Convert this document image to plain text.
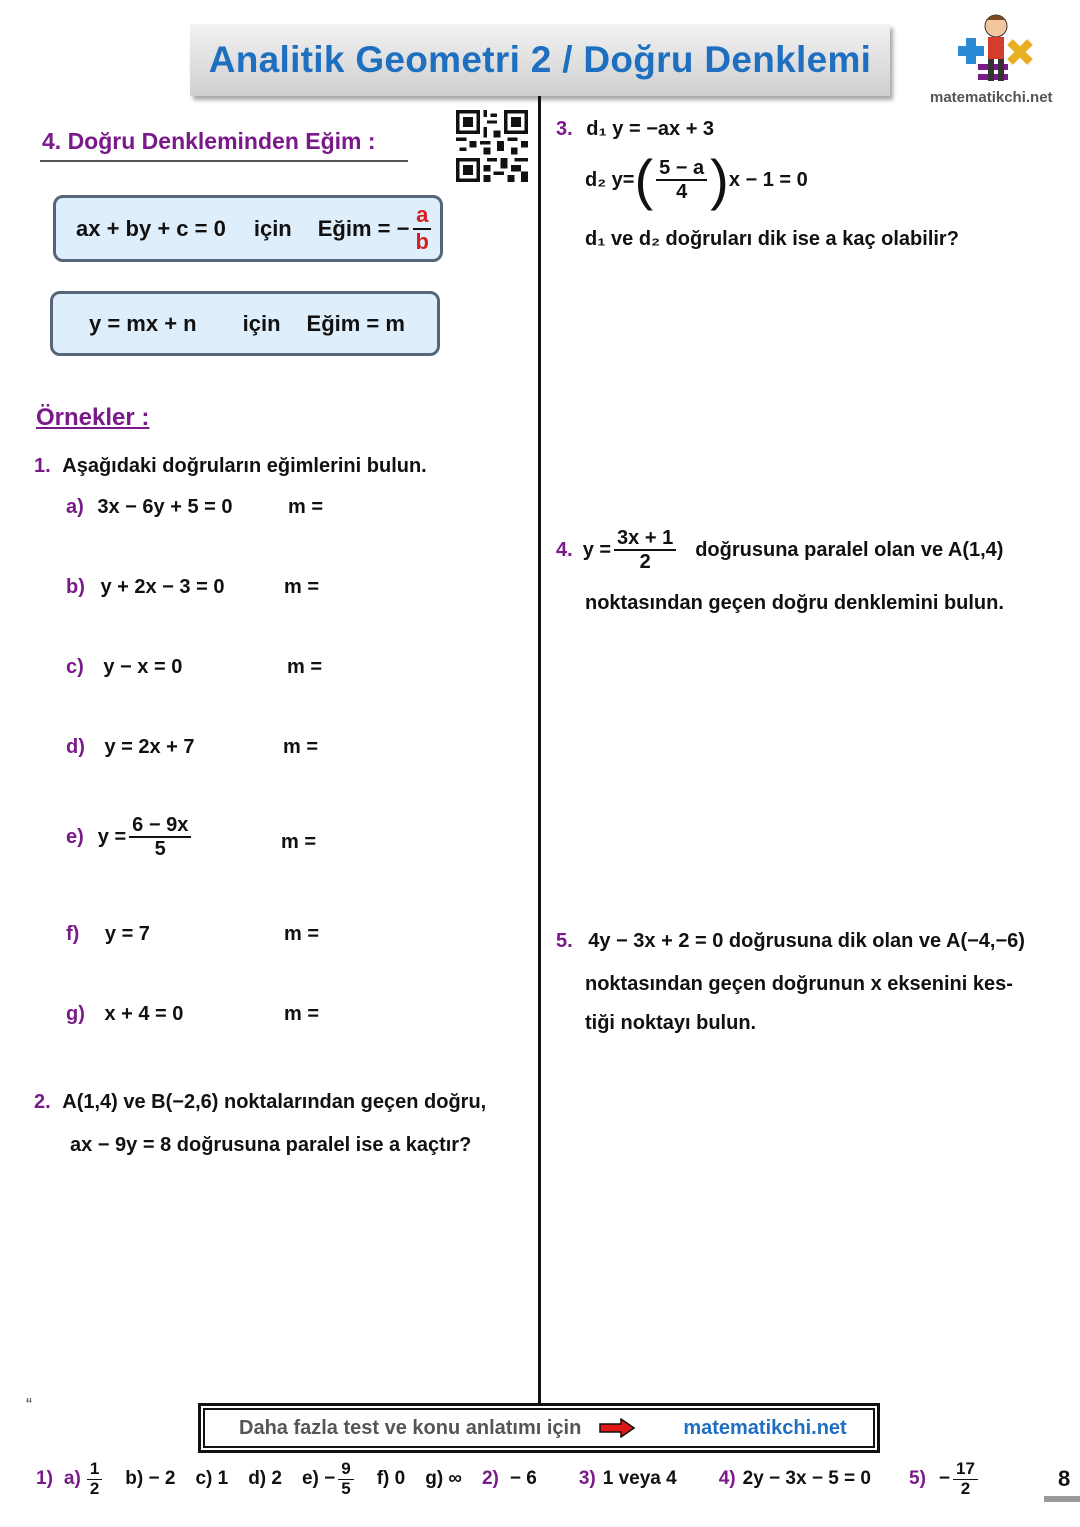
Analitik Geometri 2 / Doğru Denklemi
matematikchi.net
4. Doğru Denkleminden Eğim :
ax + by + c = 0 için Eğim = − $\frac{a}{b}$
y = mx + n için Eğim = m
Örnekler :
1. Aşağıdaki doğruların eğimlerini bulun.
a) 3x − 6y + 5 = 0	m =
b) y + 2x − 3 = 0	m =
c) y − x = 0	m =
d) y = 2x + 7	m =
e) $y = \frac{6 - 9x}{5}$	m =
f) y = 7	m =
g) x + 4 = 0	m =
2. A(1,4) ve B(−2,6) noktalarından geçen doğru,
ax − 9y = 8 doğrusuna paralel ise a kaçtır?
3. d₁ y = −ax + 3
d₂ y= ( $\frac{5 - a}{4}$ ) x − 1 = 0
d₁ ve d₂ doğruları dik ise a kaç olabilir?
4. $y = \frac{3x + 1}{2}$ doğrusuna paralel olan ve A(1,4)
noktasından geçen doğru denklemini bulun.
5. 4y − 3x + 2 = 0 doğrusuna dik olan ve A(−4,−6)
noktasından geçen doğrunun x eksenini kes-
tiği noktayı bulun.
“
Daha fazla test ve konu anlatımı için	matematikchi.net
1) $a) \frac{1}{2} b) - 2$ c) 1 d) 2 $e) - \frac{9}{5} f$) 0 g) ∞ 2) − 6 3) 1 veya 4 4) 2y − 3x − 5 = 0 $5) - \frac{17}{2}$	8
